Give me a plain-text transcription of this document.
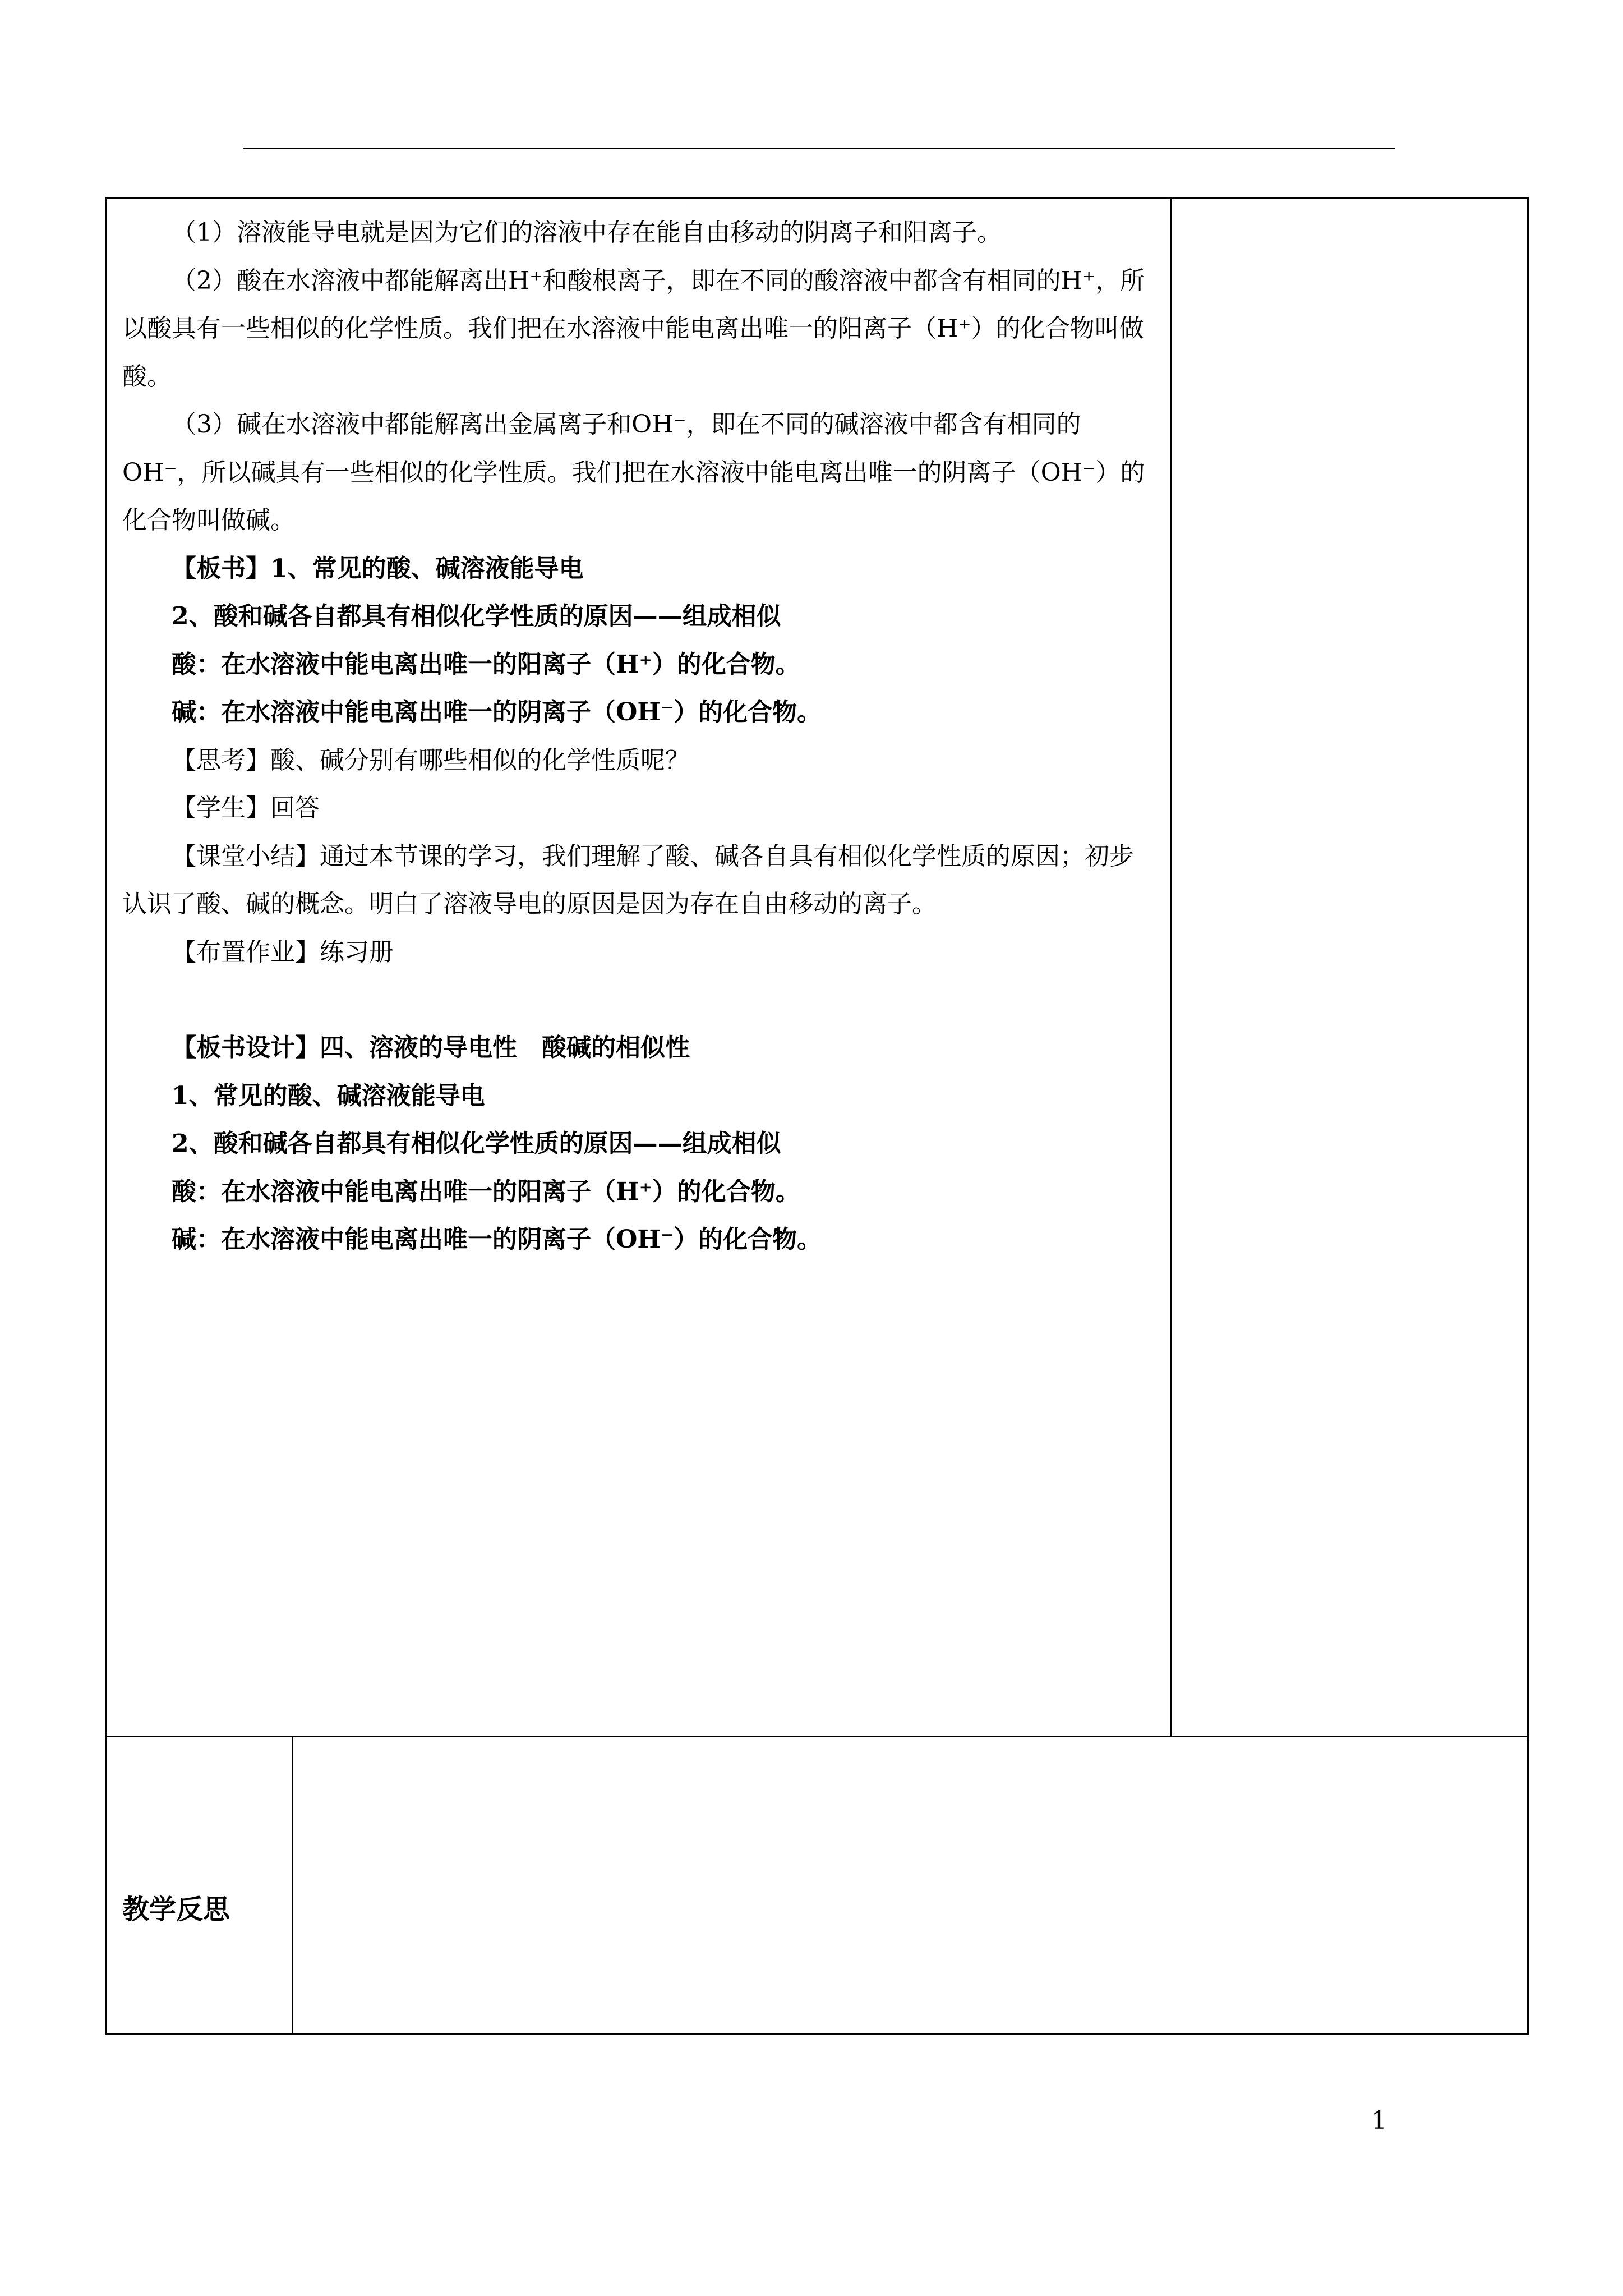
（1）溶液能导电就是因为它们的溶液中存在能自由移动的阴离子和阳离子。

（2）酸在水溶液中都能解离出H⁺和酸根离子，即在不同的酸溶液中都含有相同的H⁺，所以酸具有一些相似的化学性质。我们把在水溶液中能电离出唯一的阳离子（H⁺）的化合物叫做酸。

（3）碱在水溶液中都能解离出金属离子和OH⁻，即在不同的碱溶液中都含有相同的OH⁻，所以碱具有一些相似的化学性质。我们把在水溶液中能电离出唯一的阴离子（OH⁻）的化合物叫做碱。

【板书】1、常见的酸、碱溶液能导电

2、酸和碱各自都具有相似化学性质的原因——组成相似

酸：在水溶液中能电离出唯一的阳离子（H⁺）的化合物。

碱：在水溶液中能电离出唯一的阴离子（OH⁻）的化合物。

【思考】酸、碱分别有哪些相似的化学性质呢？

【学生】回答

【课堂小结】通过本节课的学习，我们理解了酸、碱各自具有相似化学性质的原因；初步认识了酸、碱的概念。明白了溶液导电的原因是因为存在自由移动的离子。

【布置作业】练习册

【板书设计】四、溶液的导电性　酸碱的相似性

1、常见的酸、碱溶液能导电

2、酸和碱各自都具有相似化学性质的原因——组成相似

酸：在水溶液中能电离出唯一的阳离子（H⁺）的化合物。

碱：在水溶液中能电离出唯一的阴离子（OH⁻）的化合物。

教学反思
1
